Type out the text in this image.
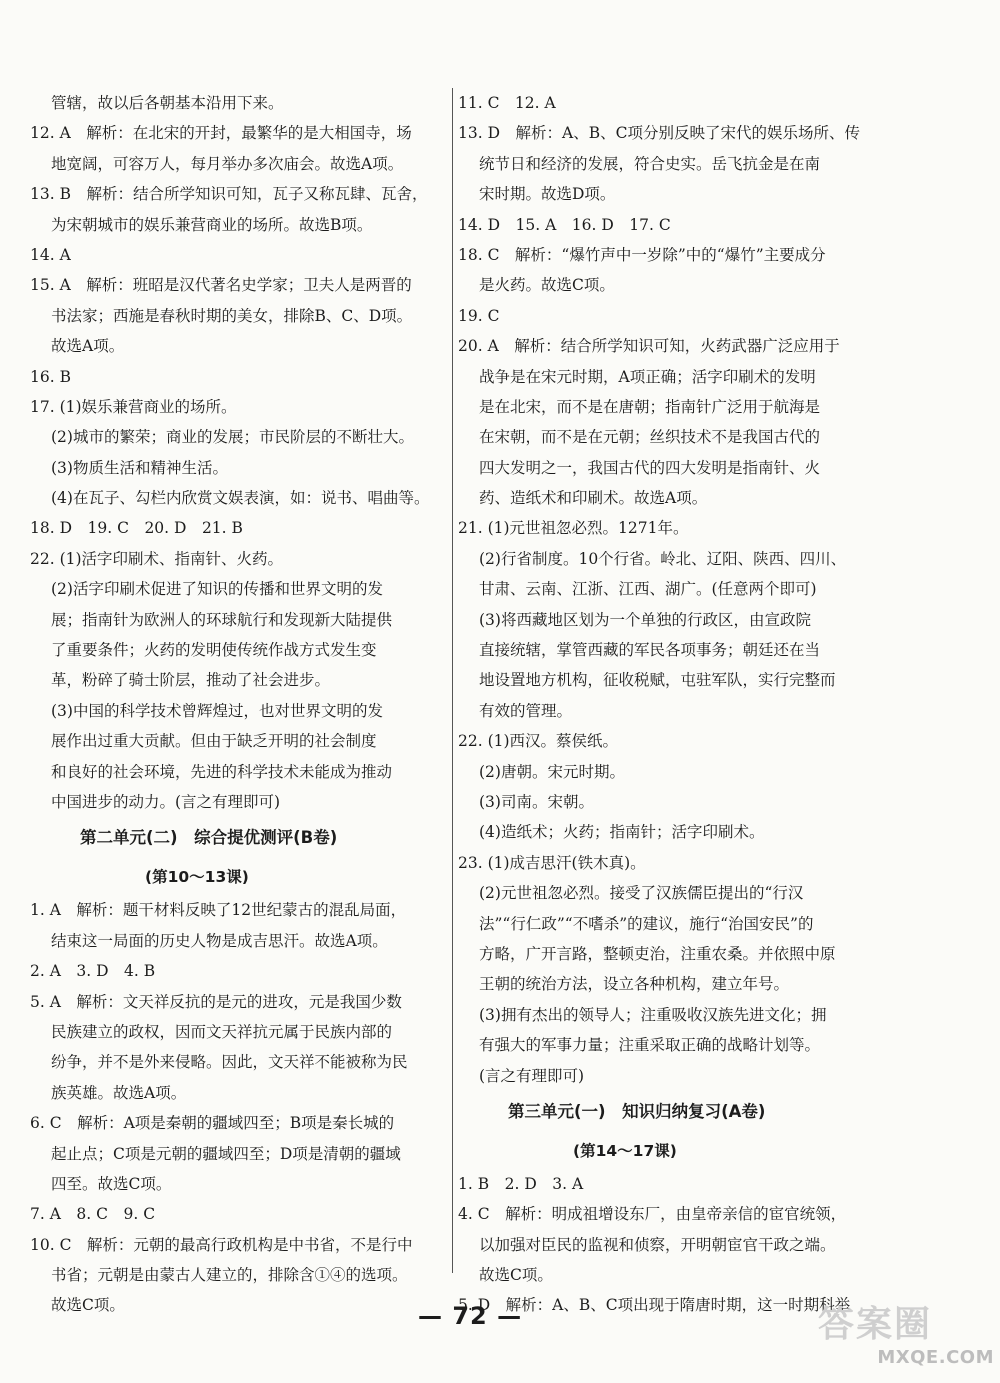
管辖，故以后各朝基本沿用下来。
12. A　解析：在北宋的开封，最繁华的是大相国寺，场
地宽阔，可容万人，每月举办多次庙会。故选A项。
13. B　解析：结合所学知识可知，瓦子又称瓦肆、瓦舍，
为宋朝城市的娱乐兼营商业的场所。故选B项。
14. A
15. A　解析：班昭是汉代著名史学家；卫夫人是两晋的
书法家；西施是春秋时期的美女，排除B、C、D项。
故选A项。
16. B
17. (1)娱乐兼营商业的场所。
(2)城市的繁荣；商业的发展；市民阶层的不断壮大。
(3)物质生活和精神生活。
(4)在瓦子、勾栏内欣赏文娱表演，如：说书、唱曲等。
18. D　19. C　20. D　21. B
22. (1)活字印刷术、指南针、火药。
(2)活字印刷术促进了知识的传播和世界文明的发
展；指南针为欧洲人的环球航行和发现新大陆提供
了重要条件；火药的发明使传统作战方式发生变
革，粉碎了骑士阶层，推动了社会进步。
(3)中国的科学技术曾辉煌过，也对世界文明的发
展作出过重大贡献。但由于缺乏开明的社会制度
和良好的社会环境，先进的科学技术未能成为推动
中国进步的动力。(言之有理即可)
第二单元(二)　综合提优测评(B卷)
(第10～13课)
1. A　解析：题干材料反映了12世纪蒙古的混乱局面，
结束这一局面的历史人物是成吉思汗。故选A项。
2. A　3. D　4. B
5. A　解析：文天祥反抗的是元的进攻，元是我国少数
民族建立的政权，因而文天祥抗元属于民族内部的
纷争，并不是外来侵略。因此，文天祥不能被称为民
族英雄。故选A项。
6. C　解析：A项是秦朝的疆域四至；B项是秦长城的
起止点；C项是元朝的疆域四至；D项是清朝的疆域
四至。故选C项。
7. A　8. C　9. C
10. C　解析：元朝的最高行政机构是中书省，不是行中
书省；元朝是由蒙古人建立的，排除含①④的选项。
故选C项。
11. C　12. A
13. D　解析：A、B、C项分别反映了宋代的娱乐场所、传
统节日和经济的发展，符合史实。岳飞抗金是在南
宋时期。故选D项。
14. D　15. A　16. D　17. C
18. C　解析：“爆竹声中一岁除”中的“爆竹”主要成分
是火药。故选C项。
19. C
20. A　解析：结合所学知识可知，火药武器广泛应用于
战争是在宋元时期，A项正确；活字印刷术的发明
是在北宋，而不是在唐朝；指南针广泛用于航海是
在宋朝，而不是在元朝；丝织技术不是我国古代的
四大发明之一，我国古代的四大发明是指南针、火
药、造纸术和印刷术。故选A项。
21. (1)元世祖忽必烈。1271年。
(2)行省制度。10个行省。岭北、辽阳、陕西、四川、
甘肃、云南、江浙、江西、湖广。(任意两个即可)
(3)将西藏地区划为一个单独的行政区，由宣政院
直接统辖，掌管西藏的军民各项事务；朝廷还在当
地设置地方机构，征收税赋，屯驻军队，实行完整而
有效的管理。
22. (1)西汉。蔡侯纸。
(2)唐朝。宋元时期。
(3)司南。宋朝。
(4)造纸术；火药；指南针；活字印刷术。
23. (1)成吉思汗(铁木真)。
(2)元世祖忽必烈。接受了汉族儒臣提出的“行汉
法”“行仁政”“不嗜杀”的建议，施行“治国安民”的
方略，广开言路，整顿吏治，注重农桑。并依照中原
王朝的统治方法，设立各种机构，建立年号。
(3)拥有杰出的领导人；注重吸收汉族先进文化；拥
有强大的军事力量；注重采取正确的战略计划等。
(言之有理即可)
第三单元(一)　知识归纳复习(A卷)
(第14～17课)
1. B　2. D　3. A
4. C　解析：明成祖增设东厂，由皇帝亲信的宦官统领，
以加强对臣民的监视和侦察，开明朝宦官干政之端。
故选C项。
5. D　解析：A、B、C项出现于隋唐时期，这一时期科举
— 72 —	答案圈
MXQE.COM
